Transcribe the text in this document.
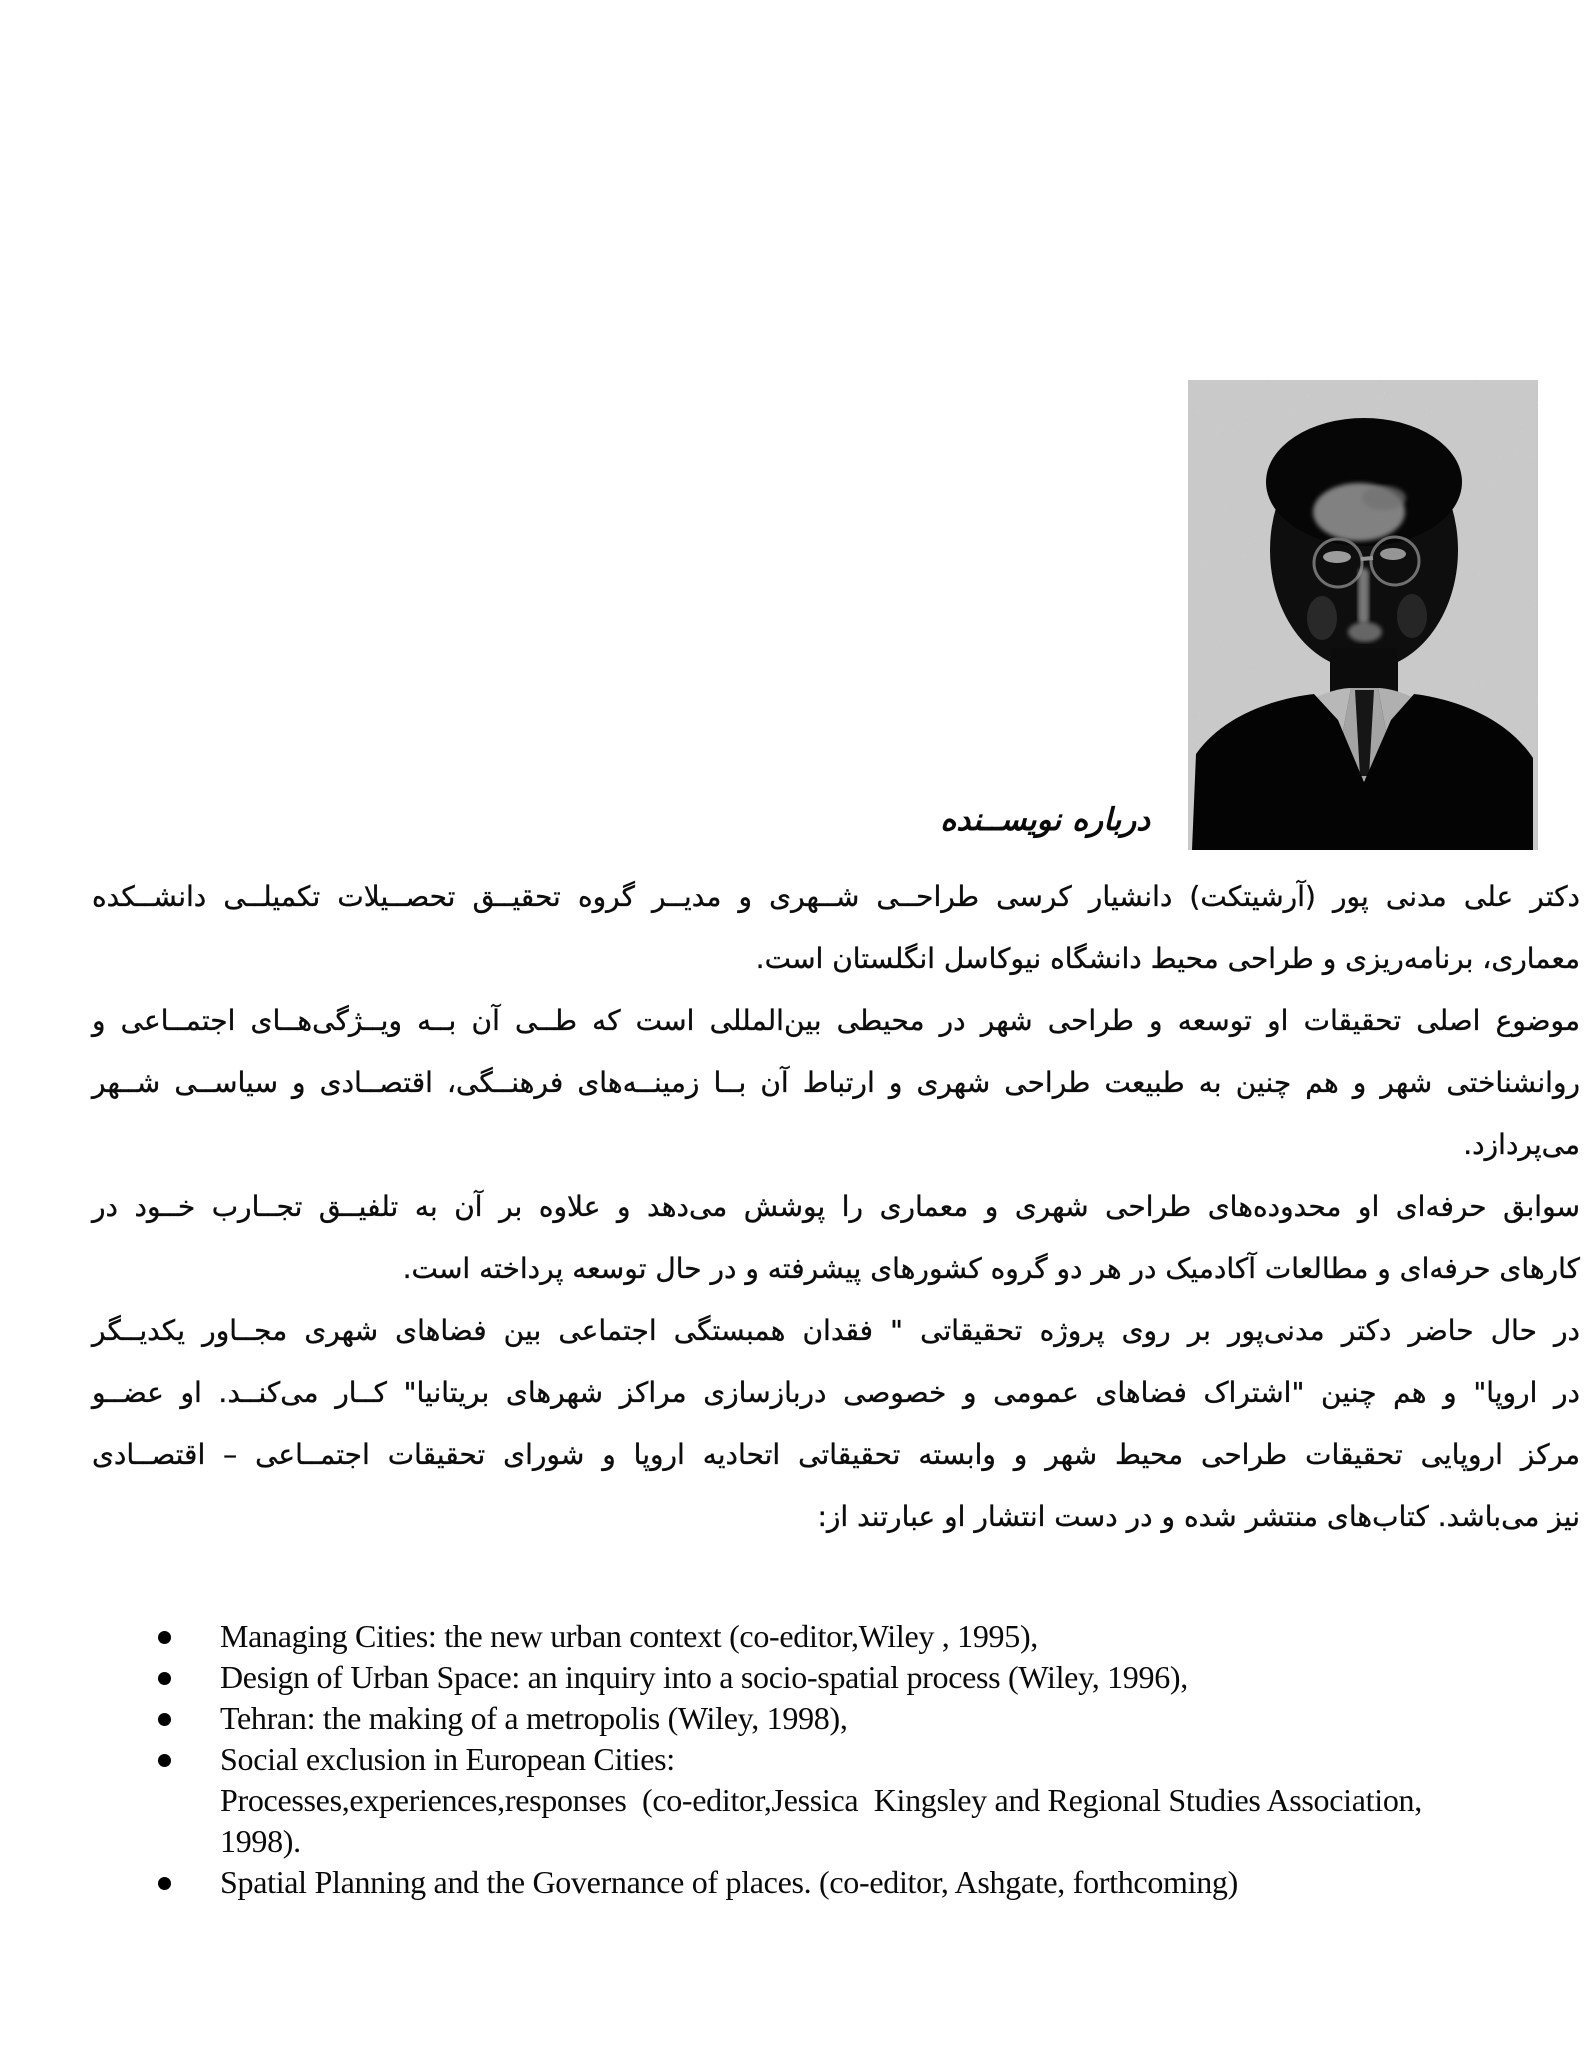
درباره نویســنده
دکتر علی مدنی پور (آرشیتکت) دانشیار کرسی طراحــی شــهری و مدیــر گروه تحقیــق تحصــیلات تکمیلــی دانشــکده
معماری، برنامه‌ریزی و طراحی محیط دانشگاه نیوکاسل انگلستان است.
موضوع اصلی تحقیقات او توسعه و طراحی شهر در محیطی بین‌المللی است که طــی آن بــه ویــژگی‌هــای اجتمــاعی و
روانشناختی شهر و هم چنین به طبیعت طراحی شهری و ارتباط آن بــا زمینــه‌های فرهنــگی، اقتصــادی و سیاســی شــهر
می‌پردازد.
سوابق حرفه‌ای او محدوده‌های طراحی شهری و معماری را پوشش می‌دهد و علاوه بر آن به تلفیــق تجــارب خــود در
کارهای حرفه‌ای و مطالعات آکادمیک در هر دو گروه کشورهای پیشرفته و در حال توسعه پرداخته است.
در حال حاضر دکتر مدنی‌پور بر روی پروژه تحقیقاتی " فقدان همبستگی اجتماعی بین فضاهای شهری مجــاور یکدیــگر
در اروپا" و هم چنین "اشتراک فضاهای عمومی و خصوصی دربازسازی مراکز شهرهای بریتانیا" کــار می‌کنــد. او عضــو
مرکز اروپایی تحقیقات طراحی محیط شهر و وابسته تحقیقاتی اتحادیه اروپا و شورای تحقیقات اجتمــاعی – اقتصــادی
نیز می‌باشد. کتاب‌های منتشر شده و در دست انتشار او عبارتند از:
Managing Cities: the new urban context (co-editor,Wiley , 1995),
Design of Urban Space: an inquiry into a socio-spatial process (Wiley, 1996),
Tehran: the making of a metropolis (Wiley, 1998),
Social exclusion in European Cities:
Processes,experiences,responses  (co-editor,Jessica  Kingsley and Regional Studies Association,
1998).
Spatial Planning and the Governance of places. (co-editor, Ashgate, forthcoming)
